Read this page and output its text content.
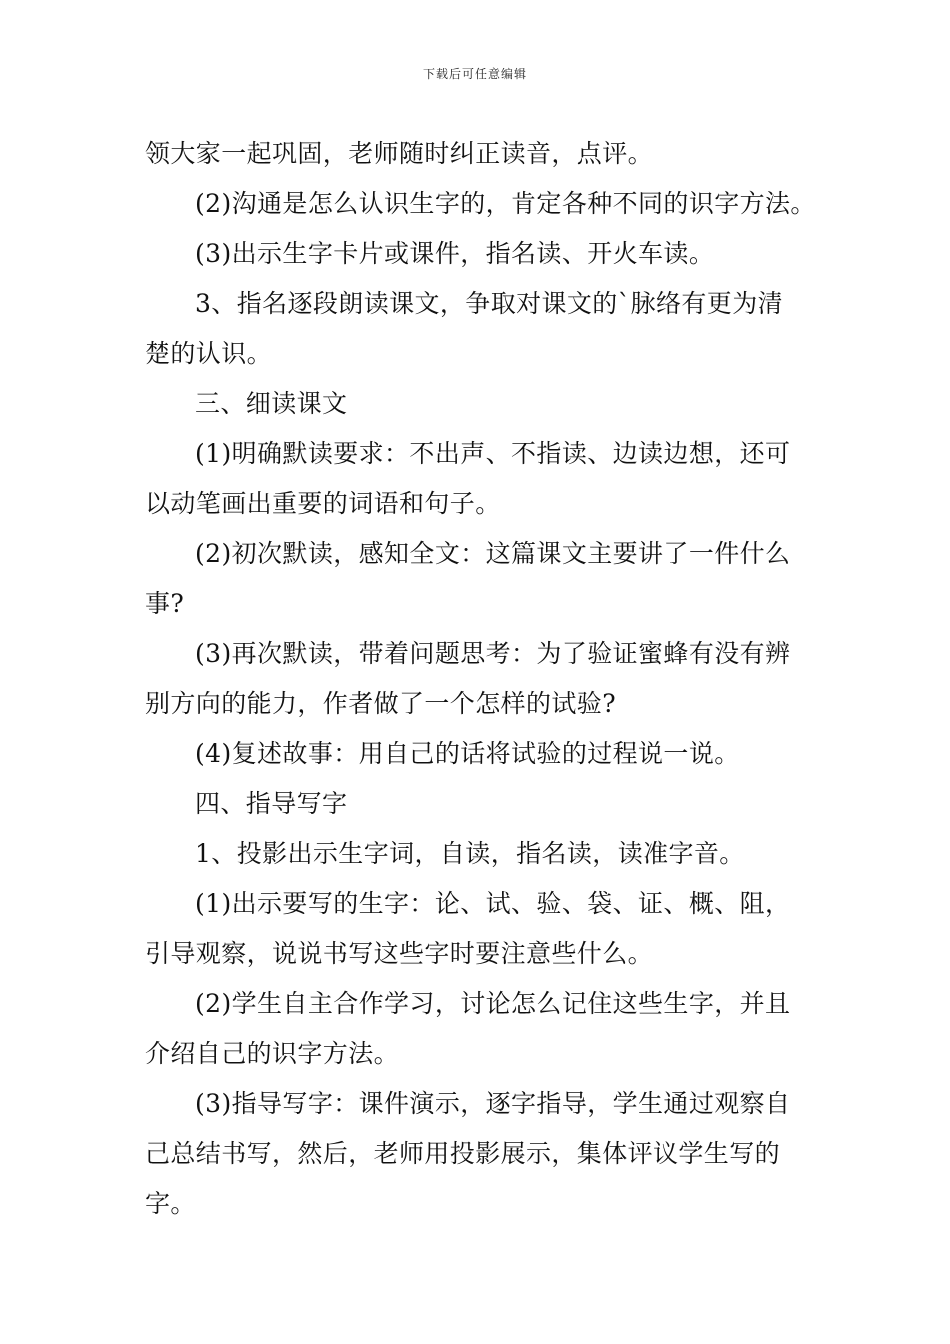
下载后可任意编辑

领大家一起巩固，老师随时纠正读音，点评。

(2)沟通是怎么认识生字的，肯定各种不同的识字方法。

(3)出示生字卡片或课件，指名读、开火车读。

3、指名逐段朗读课文，争取对课文的`脉络有更为清
楚的认识。

三、细读课文

(1)明确默读要求：不出声、不指读、边读边想，还可
以动笔画出重要的词语和句子。

(2)初次默读，感知全文：这篇课文主要讲了一件什么
事?

(3)再次默读，带着问题思考：为了验证蜜蜂有没有辨
别方向的能力，作者做了一个怎样的试验?

(4)复述故事：用自己的话将试验的过程说一说。

四、指导写字

1、投影出示生字词，自读，指名读，读准字音。

(1)出示要写的生字：论、试、验、袋、证、概、阻，
引导观察，说说书写这些字时要注意些什么。

(2)学生自主合作学习，讨论怎么记住这些生字，并且
介绍自己的识字方法。

(3)指导写字：课件演示，逐字指导，学生通过观察自
己总结书写，然后，老师用投影展示，集体评议学生写的
字。
